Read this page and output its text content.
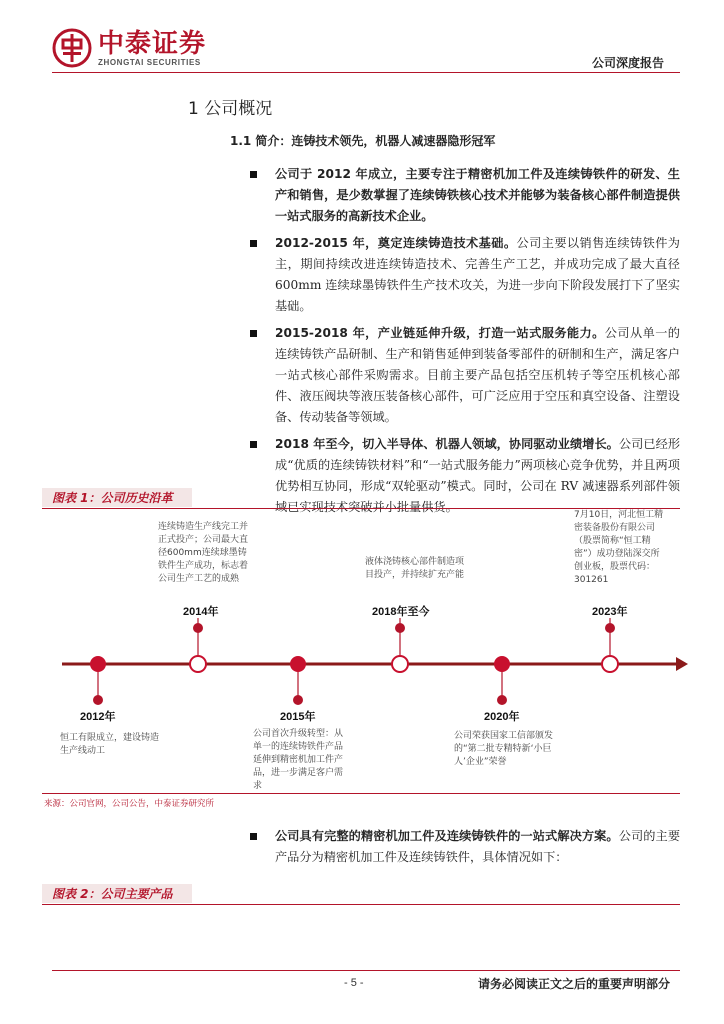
中泰证券
ZHONGTAI SECURITIES	公司深度报告
1 公司概况
1.1 简介：连铸技术领先，机器人减速器隐形冠军
公司于 2012 年成立，主要专注于精密机加工件及连续铸铁件的研发、生产和销售，是少数掌握了连续铸铁核心技术并能够为装备核心部件制造提供一站式服务的高新技术企业。
2012-2015 年，奠定连续铸造技术基础。公司主要以销售连续铸铁件为主，期间持续改进连续铸造技术、完善生产工艺，并成功完成了最大直径 600mm 连续球墨铸铁件生产技术攻关，为进一步向下阶段发展打下了坚实基础。
2015-2018 年，产业链延伸升级，打造一站式服务能力。公司从单一的连续铸铁产品研制、生产和销售延伸到装备零部件的研制和生产，满足客户一站式核心部件采购需求。目前主要产品包括空压机转子等空压机核心部件、液压阀块等液压装备核心部件，可广泛应用于空压和真空设备、注塑设备、传动装备等领域。
2018 年至今，切入半导体、机器人领域，协同驱动业绩增长。公司已经形成“优质的连续铸铁材料”和“一站式服务能力”两项核心竞争优势，并且两项优势相互协同，形成“双轮驱动”模式。同时，公司在 RV 减速器系列部件领域已实现技术突破并小批量供货。
图表 1：公司历史沿革
连续铸造生产线完工并正式投产；公司最大直径600mm连续球墨铸铁件生产成功，标志着公司生产工艺的成熟
2014年
液体浇铸核心部件制造项目投产，并持续扩充产能
2018年至今
7月10日，河北恒工精密装备股份有限公司（股票简称“恒工精密”）成功登陆深交所创业板，股票代码：301261
2023年
2012年
恒工有限成立，建设铸造生产线动工
2015年
公司首次升级转型：从单一的连续铸铁件产品延伸到精密机加工件产品，进一步满足客户需求
2020年
公司荣获国家工信部颁发的“第二批专精特新‘小巨人’企业”荣誉
来源：公司官网，公司公告，中泰证券研究所
公司具有完整的精密机加工件及连续铸铁件的一站式解决方案。公司的主要产品分为精密机加工件及连续铸铁件，具体情况如下：
图表 2：公司主要产品
- 5 -	请务必阅读正文之后的重要声明部分
